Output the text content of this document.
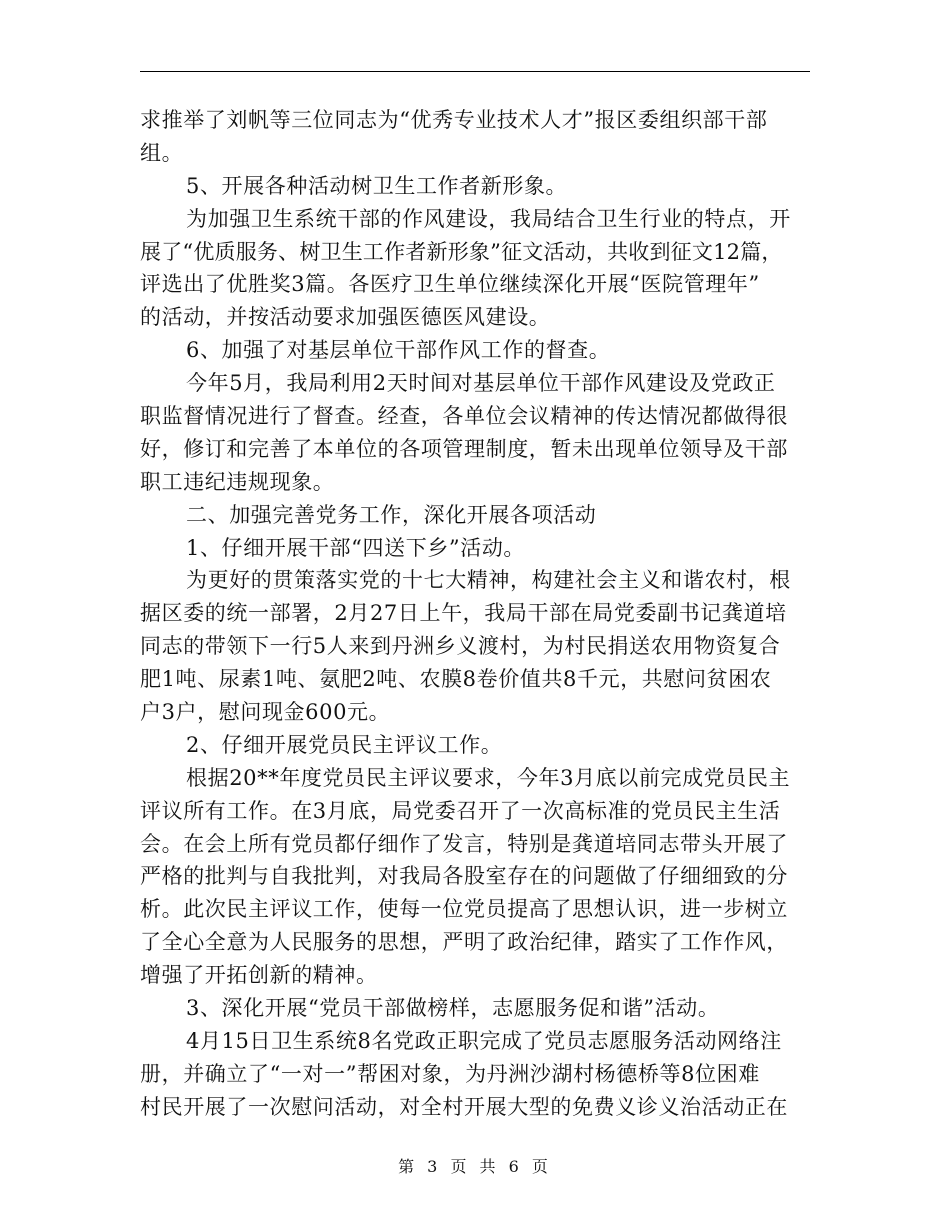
求推举了刘帆等三位同志为“优秀专业技术人才”报区委组织部干部
组。
5、开展各种活动树卫生工作者新形象。
为加强卫生系统干部的作风建设，我局结合卫生行业的特点，开
展了“优质服务、树卫生工作者新形象”征文活动，共收到征文12篇，
评选出了优胜奖3篇。各医疗卫生单位继续深化开展“医院管理年”
的活动，并按活动要求加强医德医风建设。
6、加强了对基层单位干部作风工作的督查。
今年5月，我局利用2天时间对基层单位干部作风建设及党政正
职监督情况进行了督查。经查，各单位会议精神的传达情况都做得很
好，修订和完善了本单位的各项管理制度，暂未出现单位领导及干部
职工违纪违规现象。
二、加强完善党务工作，深化开展各项活动
1、仔细开展干部“四送下乡”活动。
为更好的贯策落实党的十七大精神，构建社会主义和谐农村，根
据区委的统一部署，2月27日上午，我局干部在局党委副书记龚道培
同志的带领下一行5人来到丹洲乡义渡村，为村民捐送农用物资复合
肥1吨、尿素1吨、氨肥2吨、农膜8卷价值共8千元，共慰问贫困农
户3户，慰问现金600元。
2、仔细开展党员民主评议工作。
根据20**年度党员民主评议要求，今年3月底以前完成党员民主
评议所有工作。在3月底，局党委召开了一次高标准的党员民主生活
会。在会上所有党员都仔细作了发言，特别是龚道培同志带头开展了
严格的批判与自我批判，对我局各股室存在的问题做了仔细细致的分
析。此次民主评议工作，使每一位党员提高了思想认识，进一步树立
了全心全意为人民服务的思想，严明了政治纪律，踏实了工作作风，
增强了开拓创新的精神。
3、深化开展“党员干部做榜样，志愿服务促和谐”活动。
4月15日卫生系统8名党政正职完成了党员志愿服务活动网络注
册，并确立了“一对一”帮困对象，为丹洲沙湖村杨德桥等8位困难
村民开展了一次慰问活动，对全村开展大型的免费义诊义治活动正在
第 3 页 共 6 页
